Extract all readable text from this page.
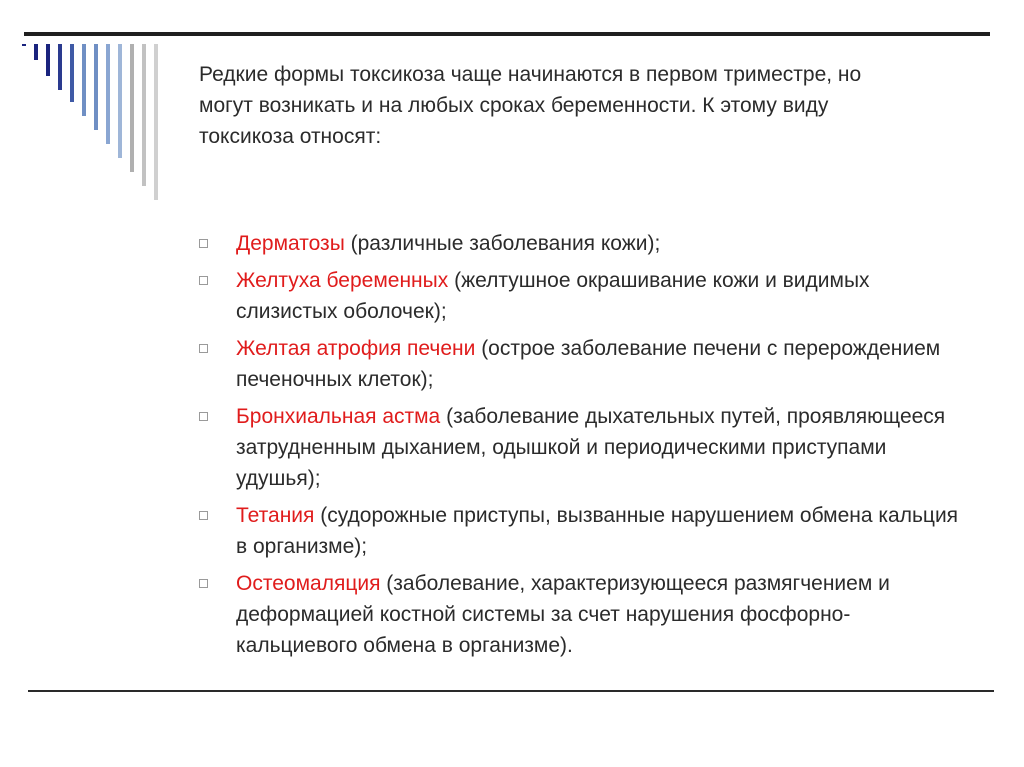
Редкие формы токсикоза чаще начинаются в первом триместре, но могут возникать и на любых сроках беременности. К этому виду токсикоза относят:

Дерматозы (различные заболевания кожи);
Желтуха беременных (желтушное окрашивание кожи и видимых слизистых оболочек);
Желтая атрофия печени (острое заболевание печени с перерождением печеночных клеток);
Бронхиальная астма (заболевание дыхательных путей, проявляющееся затрудненным дыханием, одышкой и периодическими приступами удушья);
Тетания (судорожные приступы, вызванные нарушением обмена кальция в организме);
Остеомаляция (заболевание, характеризующееся размягчением и деформацией костной системы за счет нарушения фосфорно-кальциевого обмена в организме).
